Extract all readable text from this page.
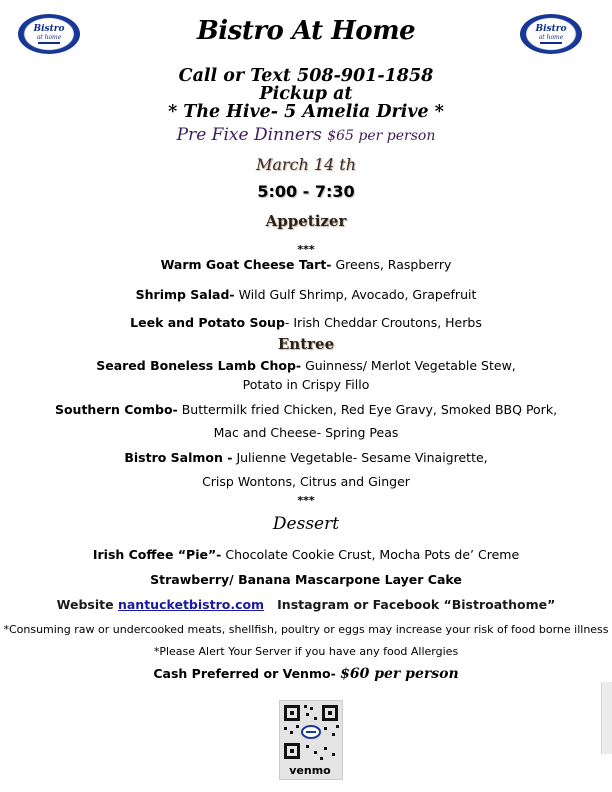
Bistro
at home
Bistro
at home
Bistro At Home
Call or Text 508-901-1858
Pickup at
* The Hive- 5 Amelia Drive *
Pre Fixe Dinners $65 per person
March 14 th
5:00 - 7:30
Appetizer
***
Warm Goat Cheese Tart- Greens, Raspberry
Shrimp Salad- Wild Gulf Shrimp, Avocado, Grapefruit
Leek and Potato Soup- Irish Cheddar Croutons, Herbs
Entree
Seared Boneless Lamb Chop- Guinness/ Merlot Vegetable Stew,
Potato in Crispy Fillo
Southern Combo- Buttermilk fried Chicken, Red Eye Gravy, Smoked BBQ Pork,
Mac and Cheese- Spring Peas
Bistro Salmon - Julienne Vegetable- Sesame Vinaigrette,
Crisp Wontons, Citrus and Ginger
***
Dessert
Irish Coffee “Pie”- Chocolate Cookie Crust, Mocha Pots de’ Creme
Strawberry/ Banana Mascarpone Layer Cake
Website nantucketbistro.com Instagram or Facebook “Bistroathome”
*Consuming raw or undercooked meats, shellfish, poultry or eggs may increase your risk of food borne illness
*Please Alert Your Server if you have any food Allergies
Cash Preferred or Venmo- $60 per person
venmo
